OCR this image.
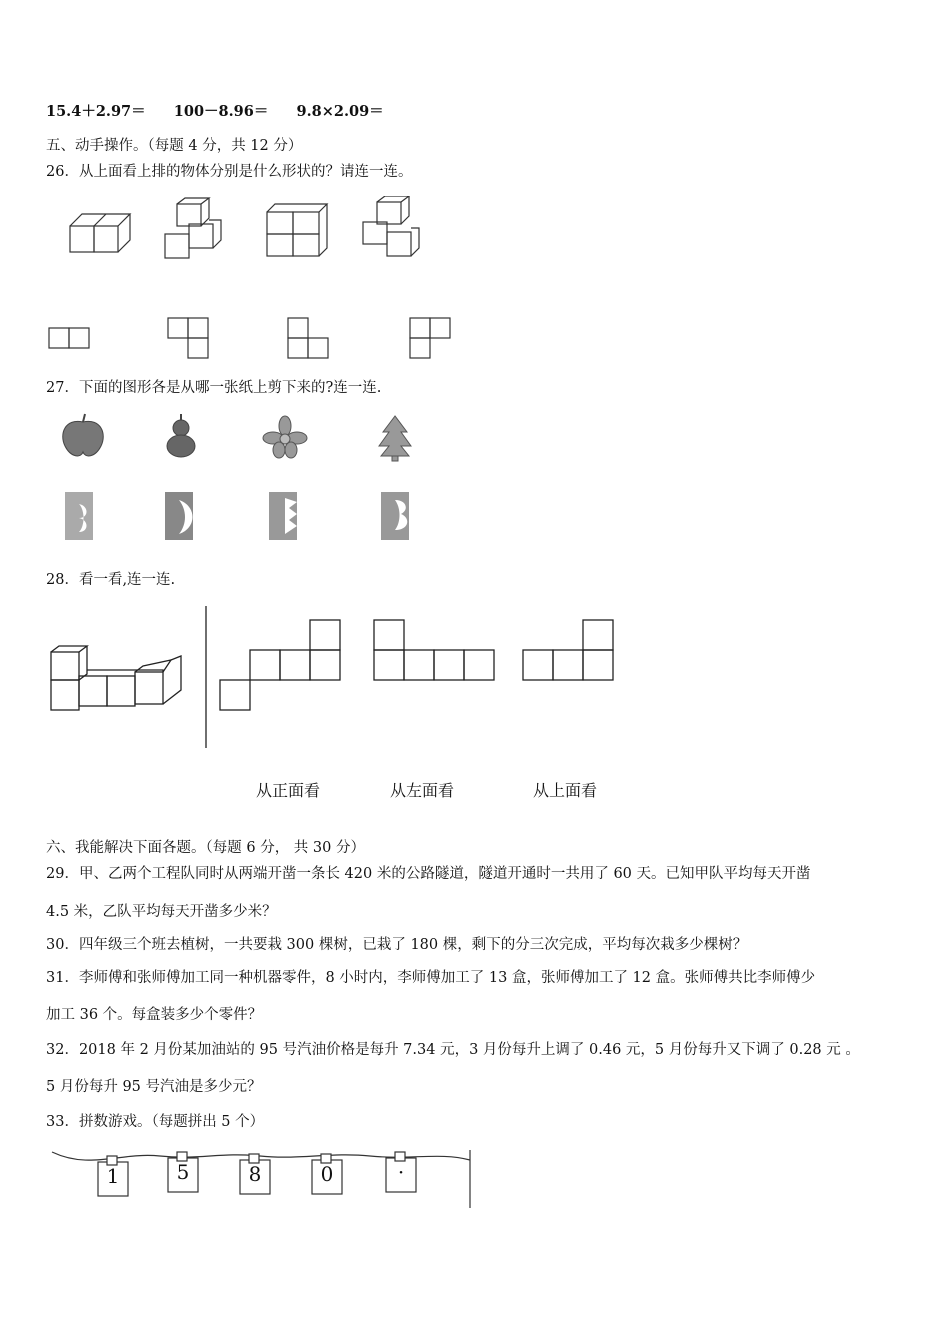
15.4＋2.97＝ 100－8.96＝ 9.8×2.09＝
五、动手操作。（每题 4 分，共 12 分）
26．从上面看上排的物体分别是什么形状的？请连一连。
27．下面的图形各是从哪一张纸上剪下来的?连一连.
28．看一看,连一连.
从正面看	从左面看	从上面看
六、我能解决下面各题。（每题 6 分， 共 30 分）
29．甲、乙两个工程队同时从两端开凿一条长 420 米的公路隧道，隧道开通时一共用了 60 天。已知甲队平均每天开凿
4.5 米，乙队平均每天开凿多少米？
30．四年级三个班去植树，一共要栽 300 棵树，已栽了 180 棵，剩下的分三次完成，平均每次栽多少棵树？
31．李师傅和张师傅加工同一种机器零件，8 小时内，李师傅加工了 13 盒，张师傅加工了 12 盒。张师傅共比李师傅少
加工 36 个。每盒装多少个零件？
32．2018 年 2 月份某加油站的 95 号汽油价格是每升 7.34 元，3 月份每升上调了 0.46 元，5 月份每升又下调了 0.28 元 。
5 月份每升 95 号汽油是多少元？
33．拼数游戏。（每题拼出 5 个）
1	5	8	0	·
